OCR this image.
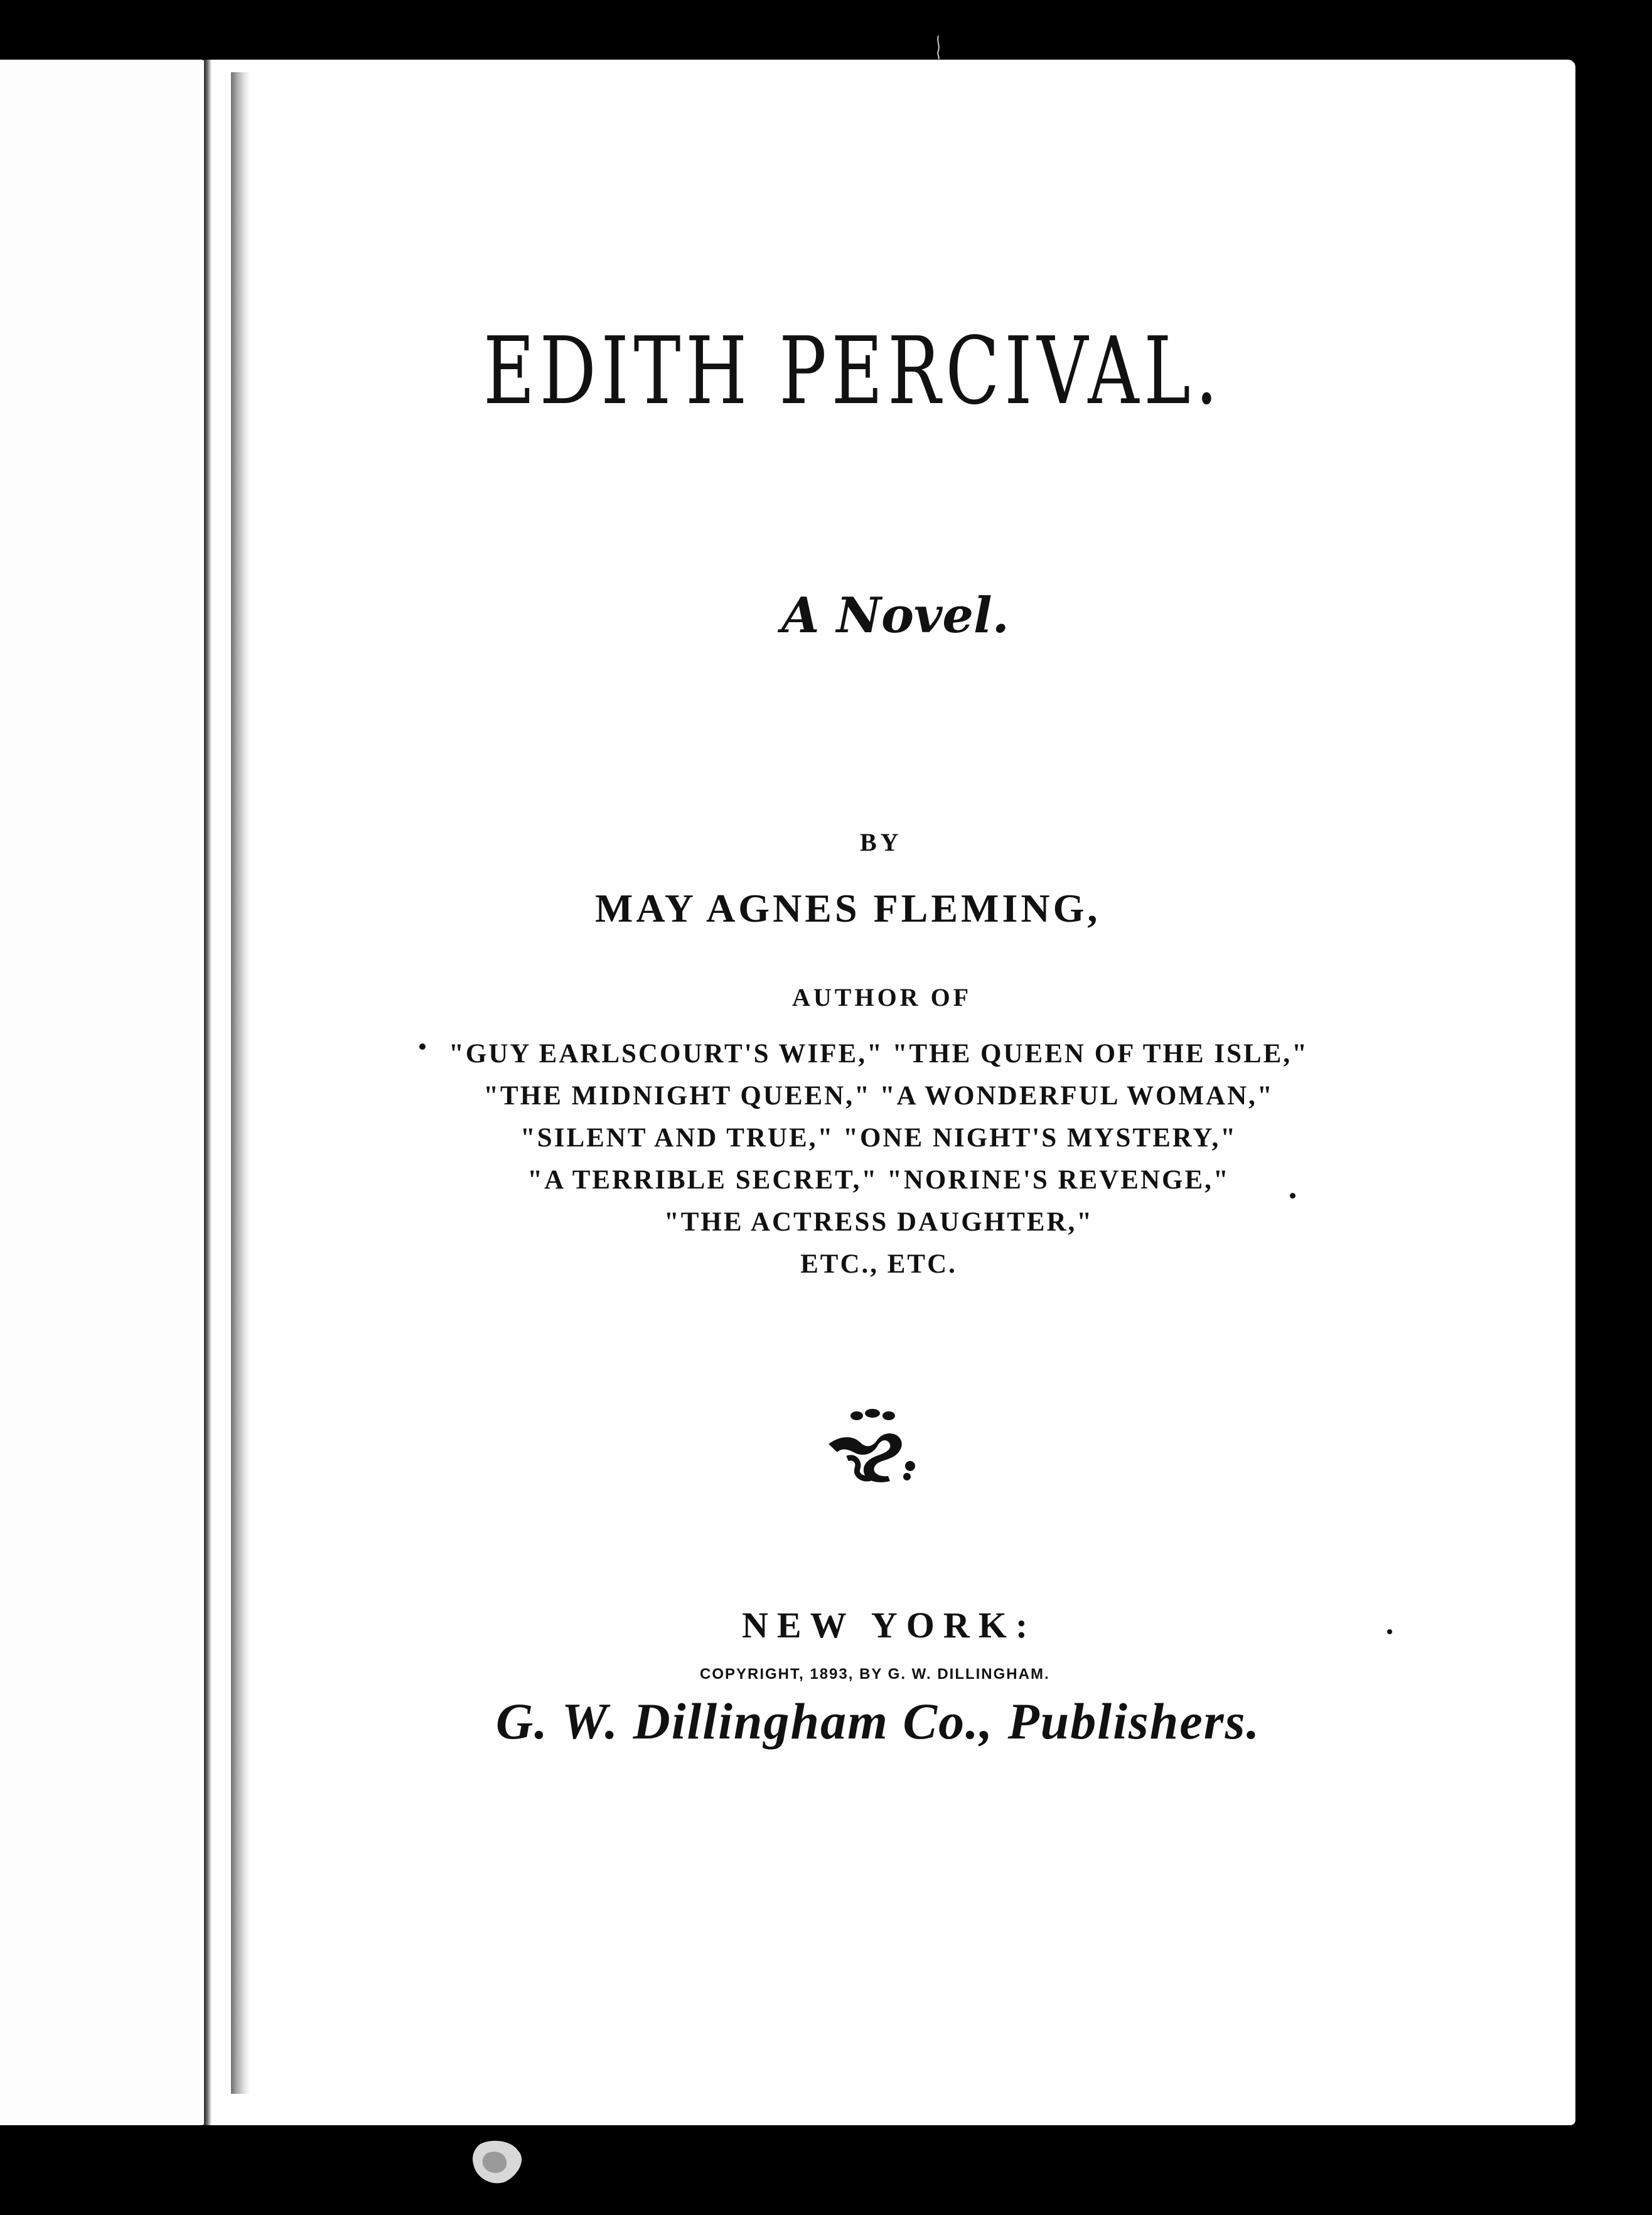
EDITH PERCIVAL.

A Novel.

BY

MAY AGNES FLEMING,

AUTHOR OF

"GUY EARLSCOURT'S WIFE," "THE QUEEN OF THE ISLE,"
"THE MIDNIGHT QUEEN," "A WONDERFUL WOMAN,"
"SILENT AND TRUE," "ONE NIGHT'S MYSTERY,"
"A TERRIBLE SECRET," "NORINE'S REVENGE,"
"THE ACTRESS DAUGHTER,"
ETC., ETC.

NEW YORK:

COPYRIGHT, 1893, BY G. W. DILLINGHAM.

G. W. Dillingham Co., Publishers.
